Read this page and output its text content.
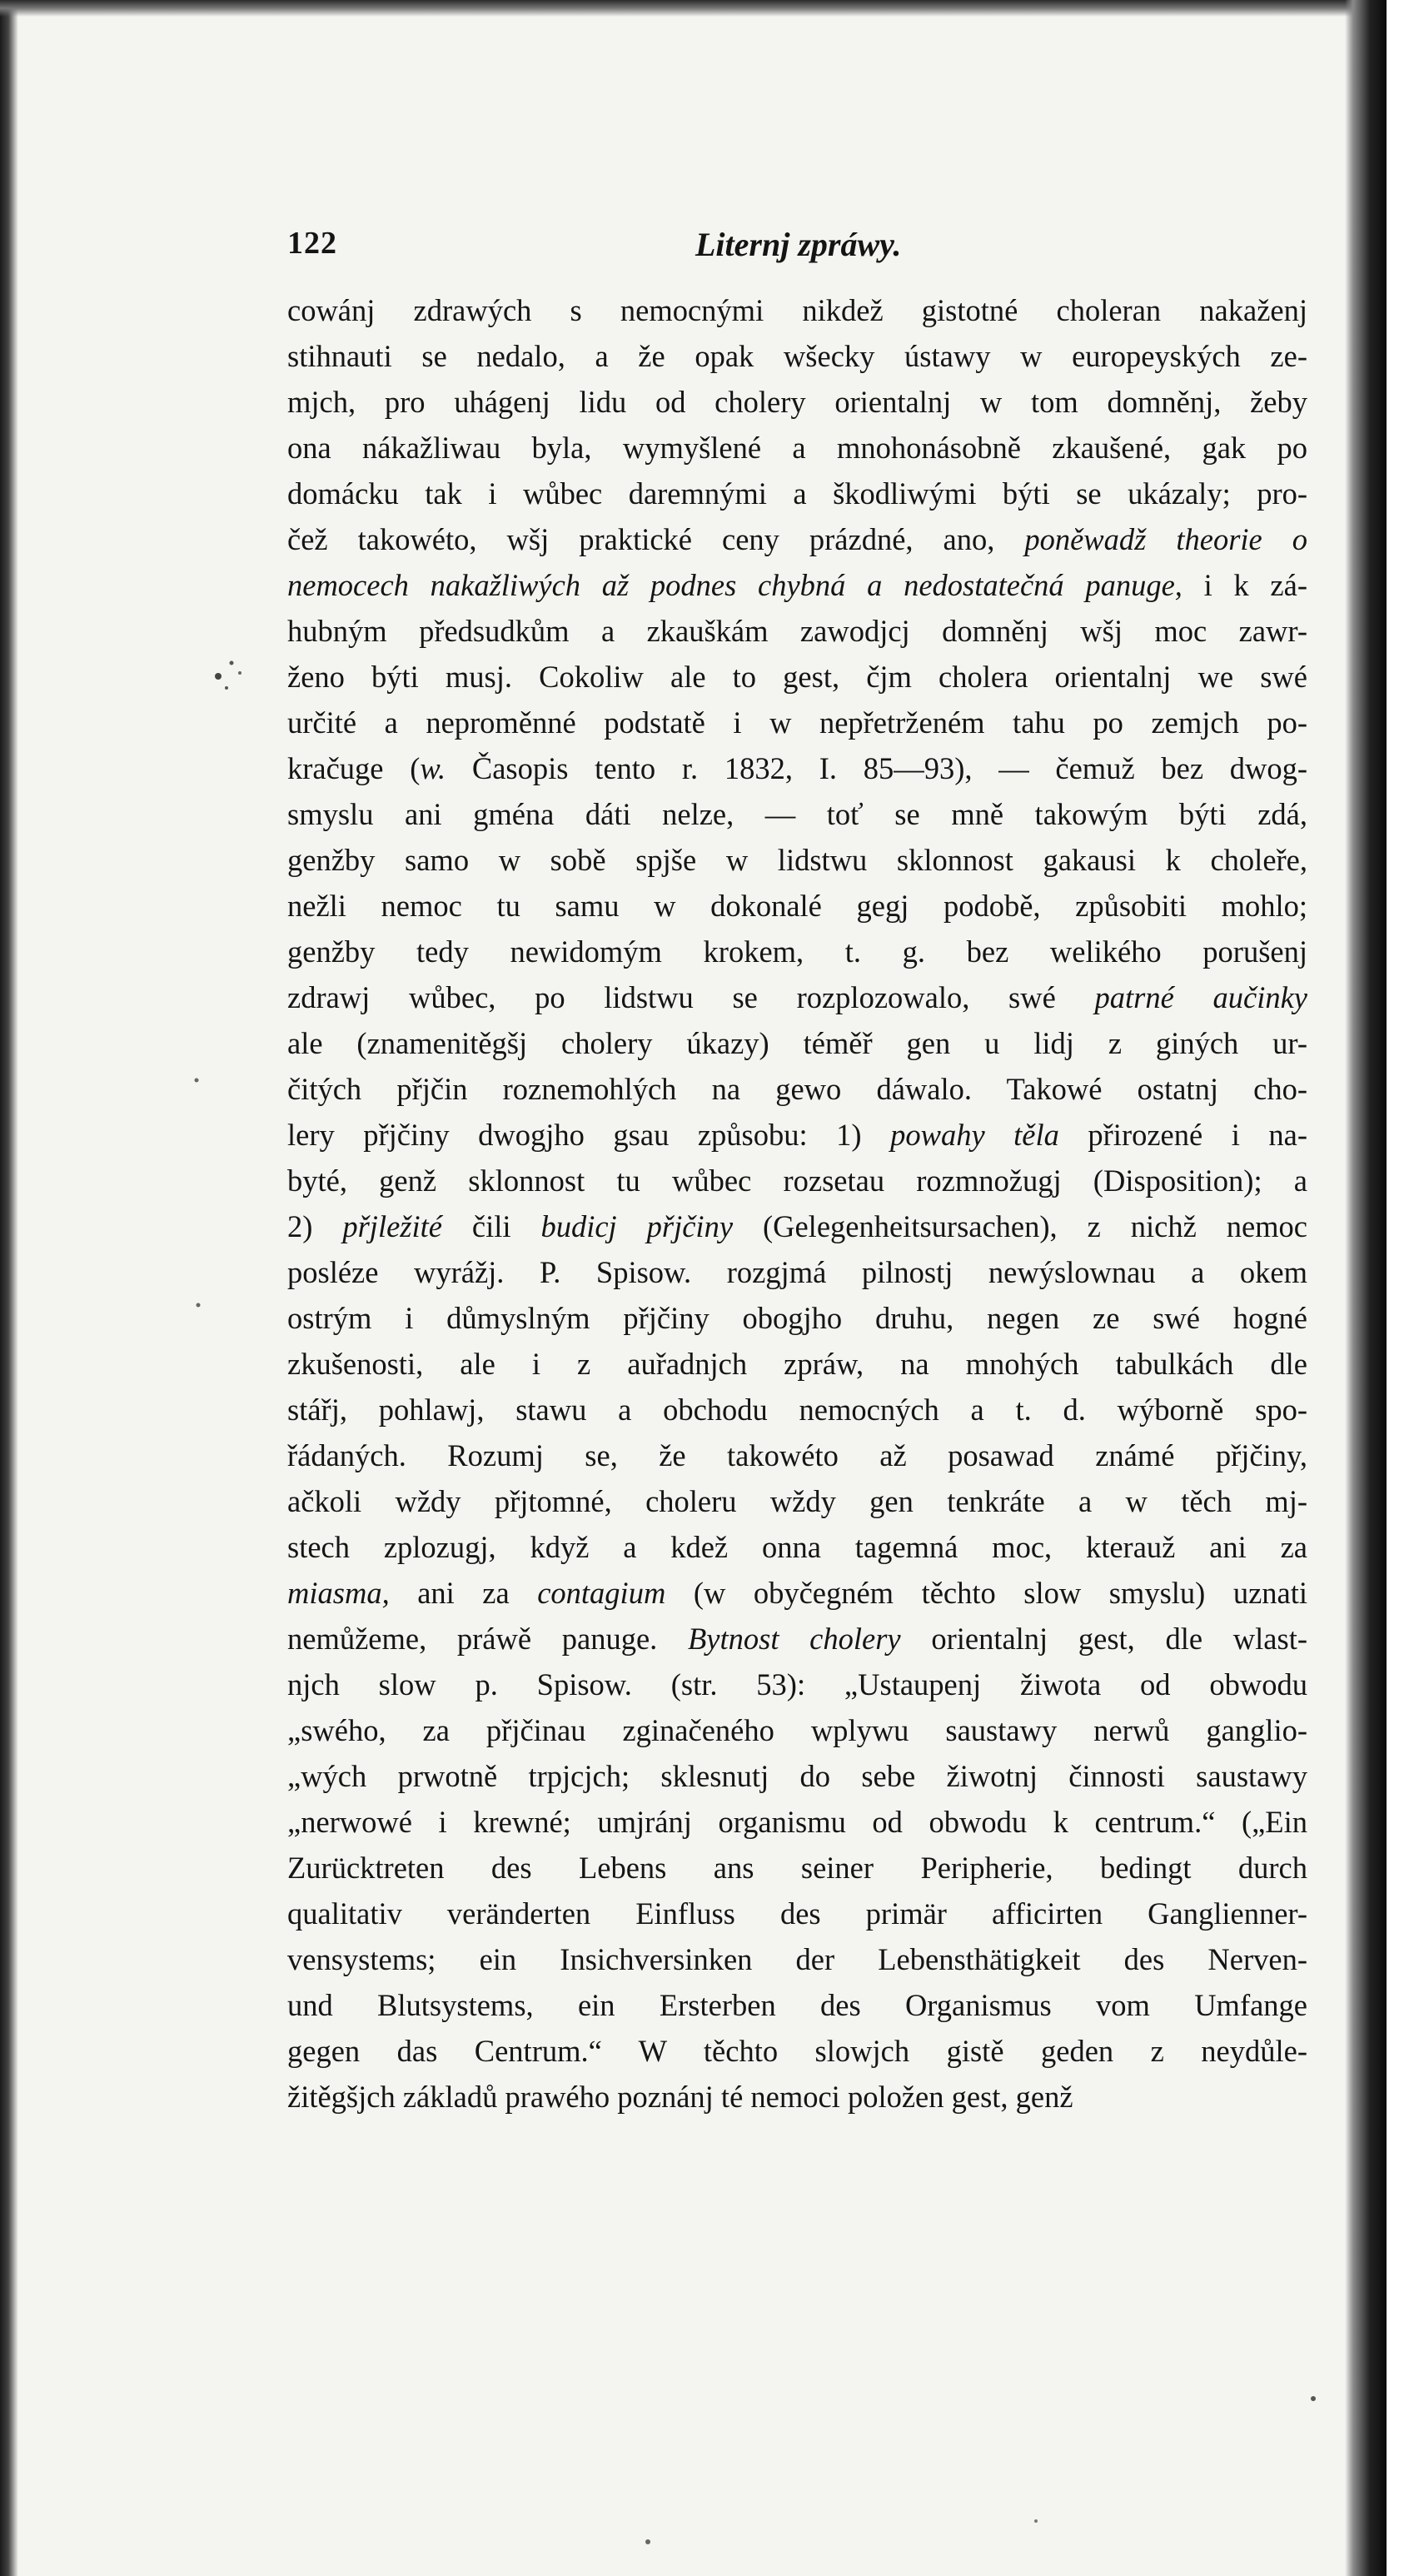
122	Liternj zpráwy.
cowánj zdrawých s nemocnými nikdež gistotné choleran nakaženj
stihnauti se nedalo, a že opak wšecky ústawy w europeyských ze-
mjch, pro uhágenj lidu od cholery orientalnj w tom domněnj, žeby
ona nákažliwau byla, wymyšlené a mnohonásobně zkaušené, gak po
domácku tak i wůbec daremnými a škodliwými býti se ukázaly; pro-
čež takowéto, wšj praktické ceny prázdné, ano, poněwadž theorie o
nemocech nakažliwých až podnes chybná a nedostatečná panuge, i k zá-
hubným předsudkům a zkauškám zawodjcj domněnj wšj moc zawr-
ženo býti musj. Cokoliw ale to gest, čjm cholera orientalnj we swé
určité a neproměnné podstatě i w nepřetrženém tahu po zemjch po-
kračuge (w. Časopis tento r. 1832, I. 85—93), — čemuž bez dwog-
smyslu ani gména dáti nelze, — toť se mně takowým býti zdá,
genžby samo w sobě spjše w lidstwu sklonnost gakausi k choleře,
nežli nemoc tu samu w dokonalé gegj podobě, způsobiti mohlo;
genžby tedy newidomým krokem, t. g. bez welikého porušenj
zdrawj wůbec, po lidstwu se rozplozowalo, swé patrné aučinky
ale (znamenitěgšj cholery úkazy) téměř gen u lidj z giných ur-
čitých přjčin roznemohlých na gewo dáwalo. Takowé ostatnj cho-
lery přjčiny dwogjho gsau způsobu: 1) powahy těla přirozené i na-
byté, genž sklonnost tu wůbec rozsetau rozmnožugj (Disposition); a
2) přjležité čili budicj přjčiny (Gelegenheitsursachen), z nichž nemoc
posléze wyrážj. P. Spisow. rozgjmá pilnostj newýslownau a okem
ostrým i důmyslným přjčiny obogjho druhu, negen ze swé hogné
zkušenosti, ale i z auřadnjch zpráw, na mnohých tabulkách dle
stářj, pohlawj, stawu a obchodu nemocných a t. d. wýborně spo-
řádaných. Rozumj se, že takowéto až posawad známé přjčiny,
ačkoli wždy přjtomné, choleru wždy gen tenkráte a w těch mj-
stech zplozugj, když a kdež onna tagemná moc, kterauž ani za
miasma, ani za contagium (w obyčegném těchto slow smyslu) uznati
nemůžeme, práwě panuge. Bytnost cholery orientalnj gest, dle wlast-
njch slow p. Spisow. (str. 53): „Ustaupenj žiwota od obwodu
„swého, za přjčinau zginačeného wplywu saustawy nerwů ganglio-
„wých prwotně trpjcjch; sklesnutj do sebe žiwotnj činnosti saustawy
„nerwowé i krewné; umjránj organismu od obwodu k centrum.“ („Ein
Zurücktreten des Lebens ans seiner Peripherie, bedingt durch
qualitativ veränderten Einfluss des primär afficirten Ganglienner-
vensystems; ein Insichversinken der Lebensthätigkeit des Nerven-
und Blutsystems, ein Ersterben des Organismus vom Umfange
gegen das Centrum.“ W těchto slowjch gistě geden z neydůle-
žitěgšjch základů prawého poznánj té nemoci položen gest, genž
